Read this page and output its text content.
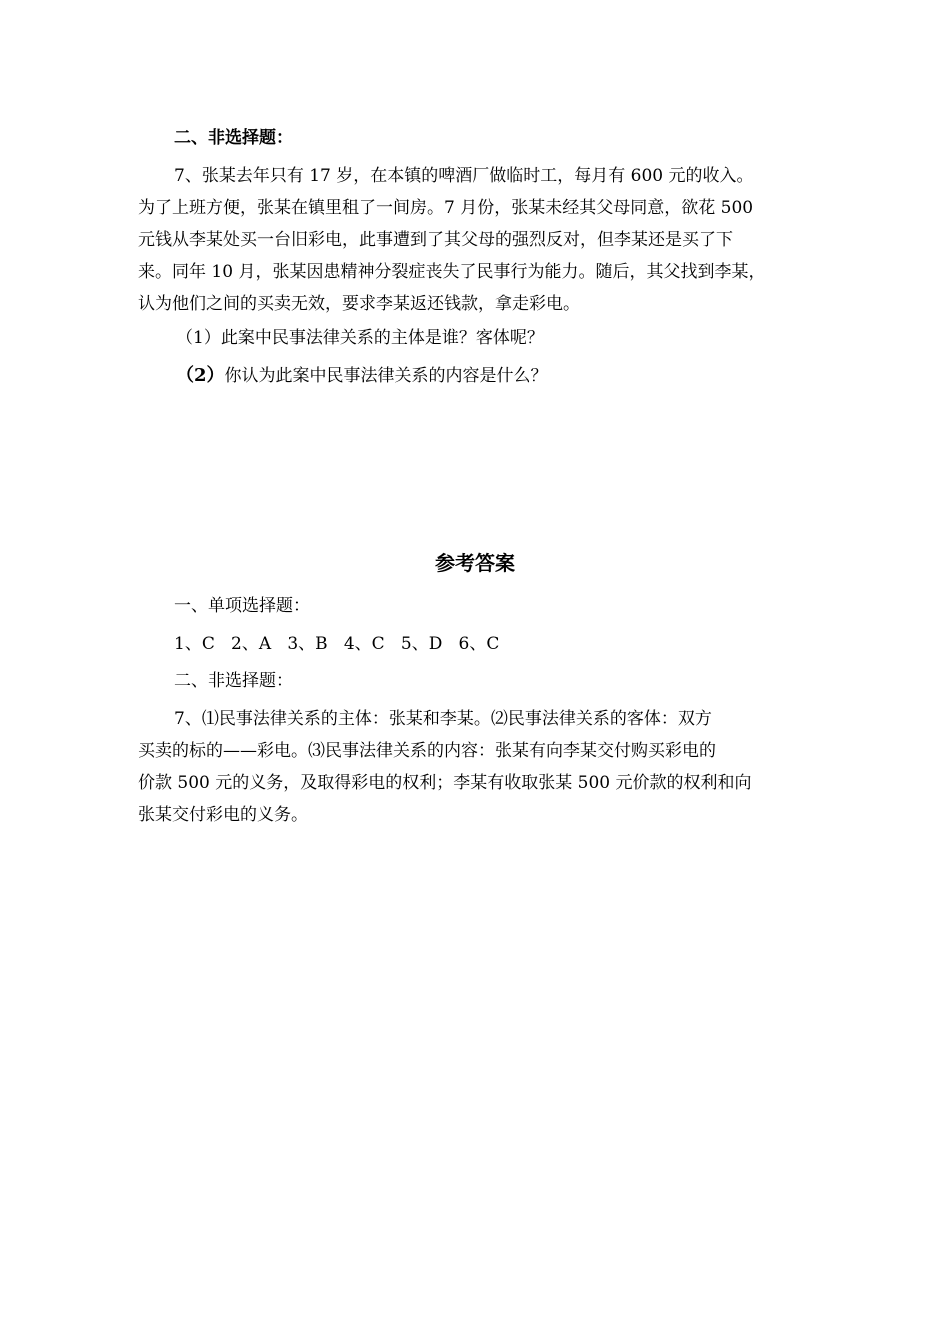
二、非选择题：
7、张某去年只有 17 岁，在本镇的啤酒厂做临时工，每月有 600 元的收入。
为了上班方便，张某在镇里租了一间房。7 月份，张某未经其父母同意，欲花 500
元钱从李某处买一台旧彩电，此事遭到了其父母的强烈反对，但李某还是买了下
来。同年 10 月，张某因患精神分裂症丧失了民事行为能力。随后，其父找到李某，
认为他们之间的买卖无效，要求李某返还钱款，拿走彩电。
（1）此案中民事法律关系的主体是谁？客体呢？
（2）你认为此案中民事法律关系的内容是什么？
参考答案
一、单项选择题：
1、C   2、A   3、B   4、C   5、D   6、C
二、非选择题：
7、⑴民事法律关系的主体：张某和李某。⑵民事法律关系的客体：双方
买卖的标的——彩电。⑶民事法律关系的内容：张某有向李某交付购买彩电的
价款 500 元的义务，及取得彩电的权利；李某有收取张某 500 元价款的权利和向
张某交付彩电的义务。
